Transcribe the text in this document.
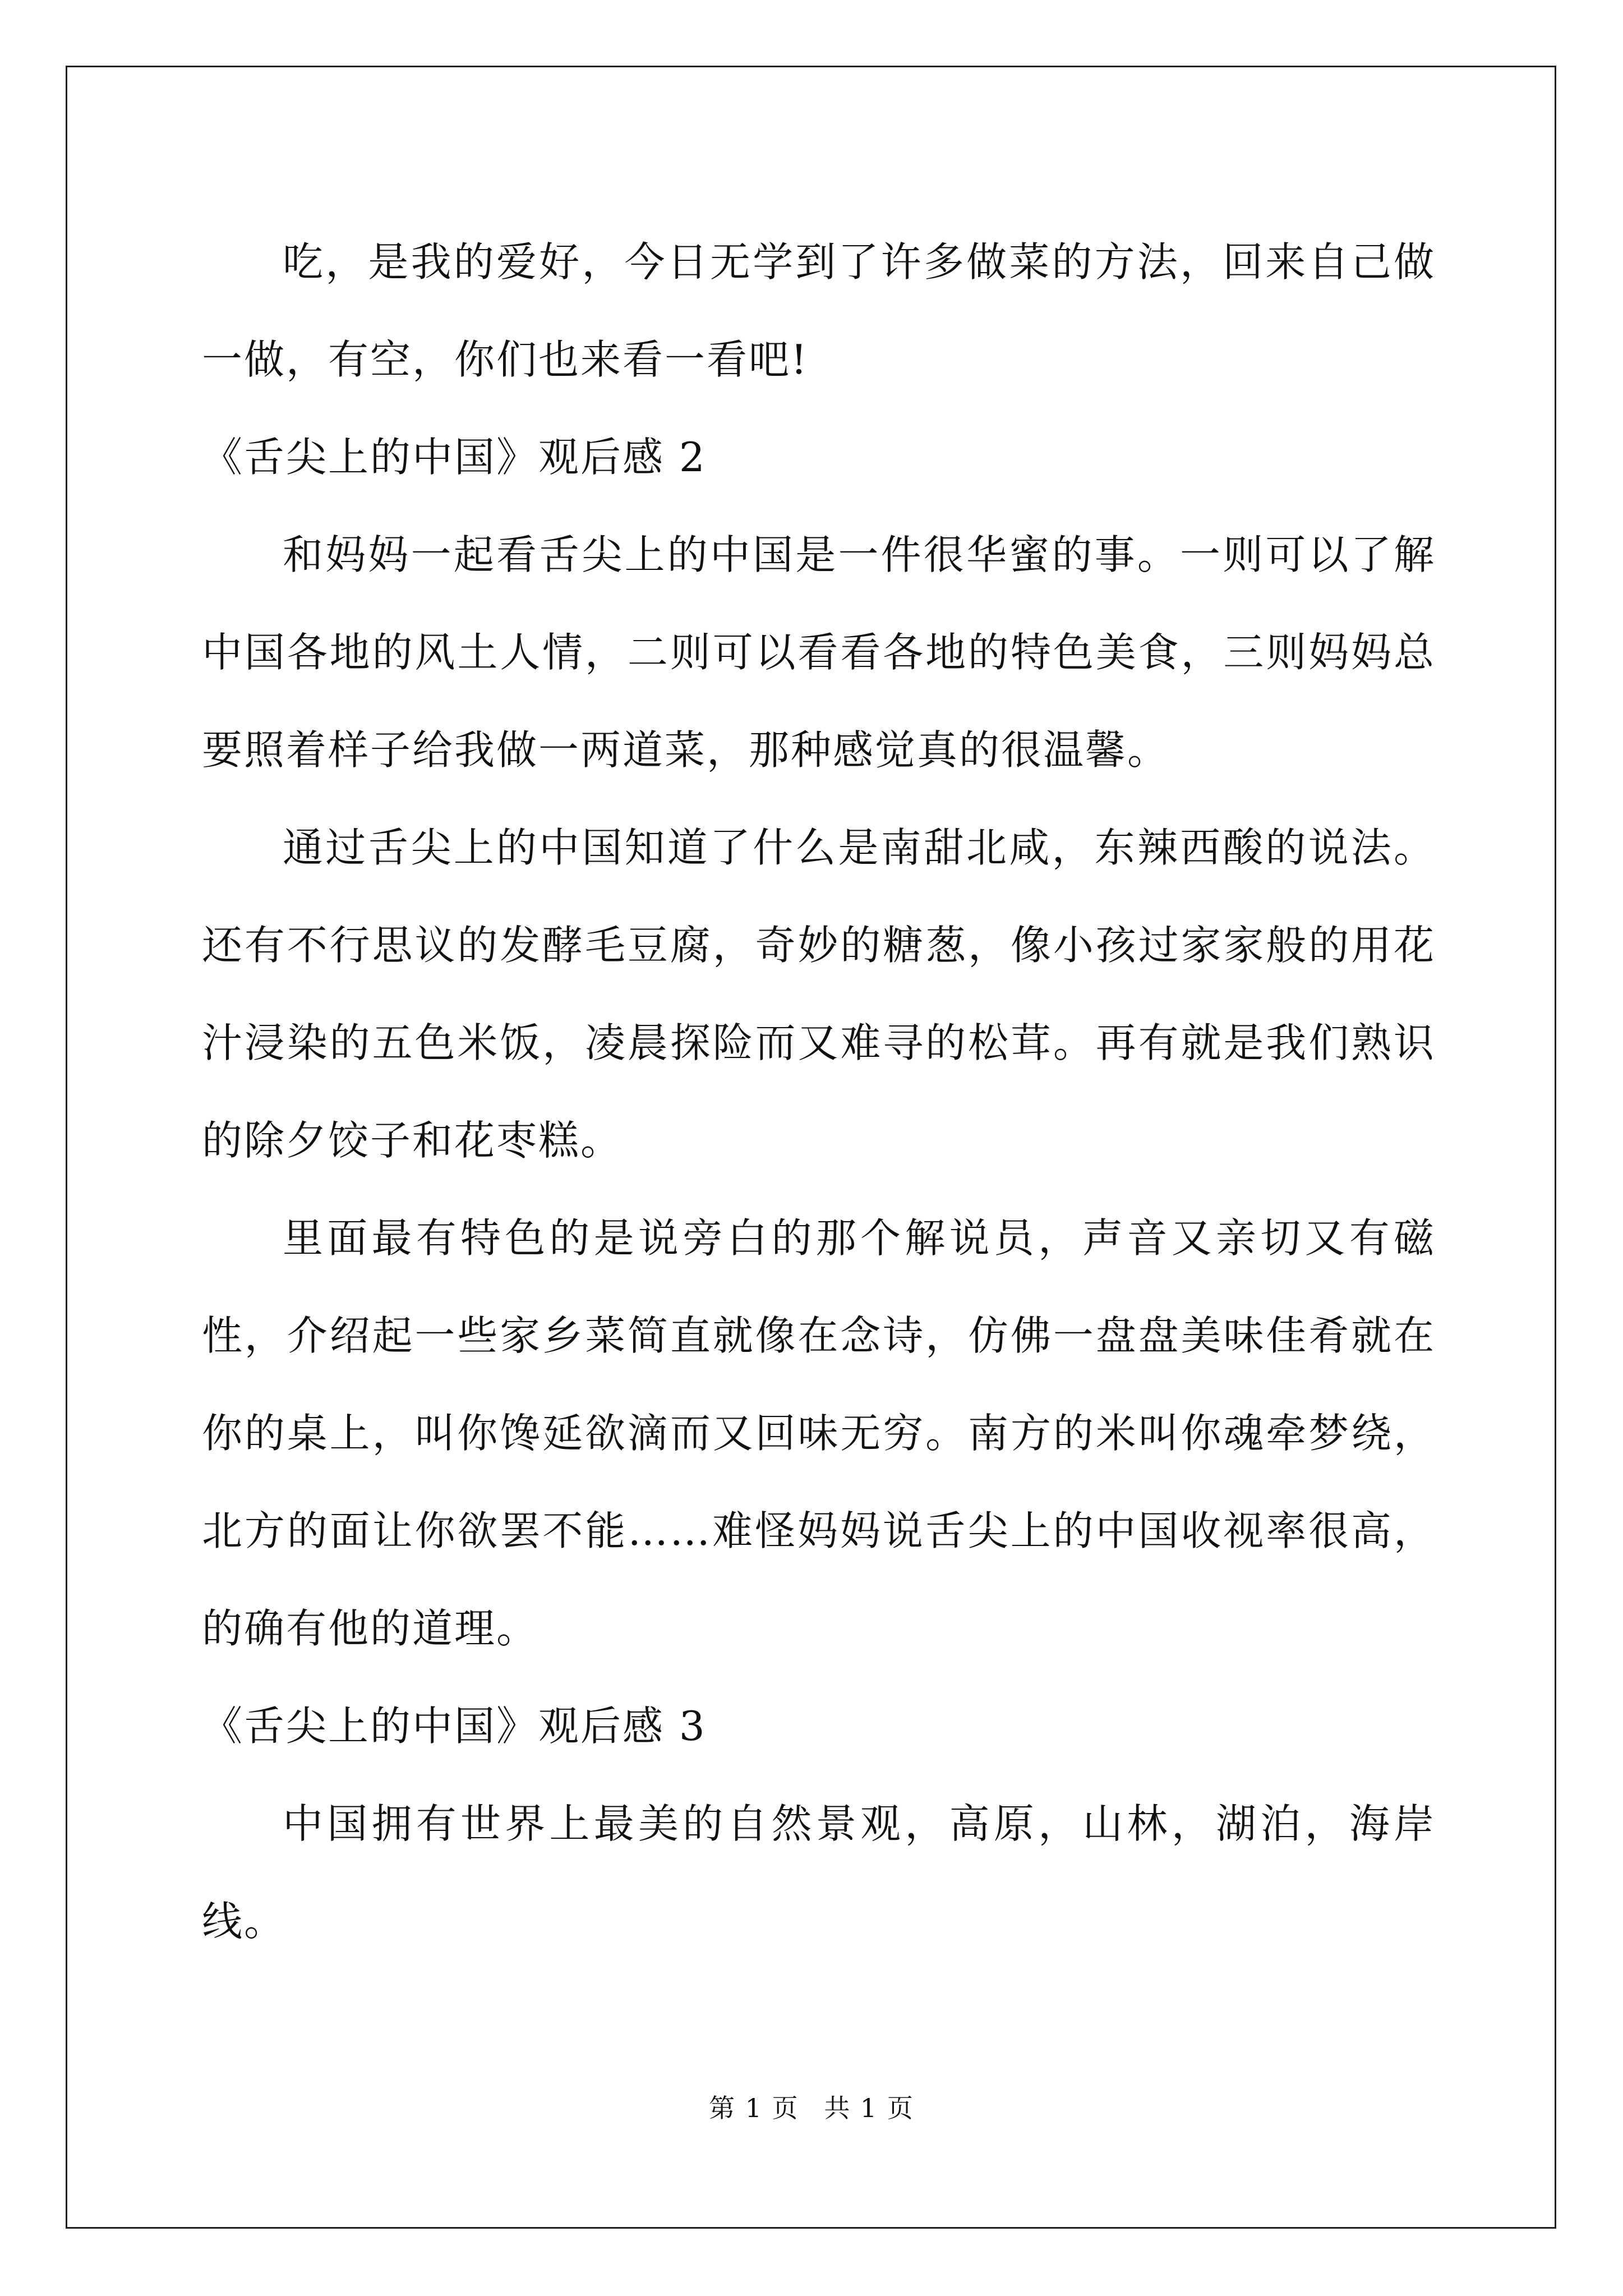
吃，是我的爱好，今日无学到了许多做菜的方法，回来自己做一做，有空，你们也来看一看吧!

《舌尖上的中国》观后感 2

和妈妈一起看舌尖上的中国是一件很华蜜的事。一则可以了解中国各地的风土人情，二则可以看看各地的特色美食，三则妈妈总要照着样子给我做一两道菜，那种感觉真的很温馨。

通过舌尖上的中国知道了什么是南甜北咸，东辣西酸的说法。还有不行思议的发酵毛豆腐，奇妙的糖葱，像小孩过家家般的用花汁浸染的五色米饭，凌晨探险而又难寻的松茸。再有就是我们熟识的除夕饺子和花枣糕。

里面最有特色的是说旁白的那个解说员，声音又亲切又有磁性，介绍起一些家乡菜简直就像在念诗，仿佛一盘盘美味佳肴就在你的桌上，叫你馋延欲滴而又回味无穷。南方的米叫你魂牵梦绕，北方的面让你欲罢不能……难怪妈妈说舌尖上的中国收视率很高，的确有他的道理。

《舌尖上的中国》观后感 3

中国拥有世界上最美的自然景观，高原，山林，湖泊，海岸线。

第 1 页 共 1 页
